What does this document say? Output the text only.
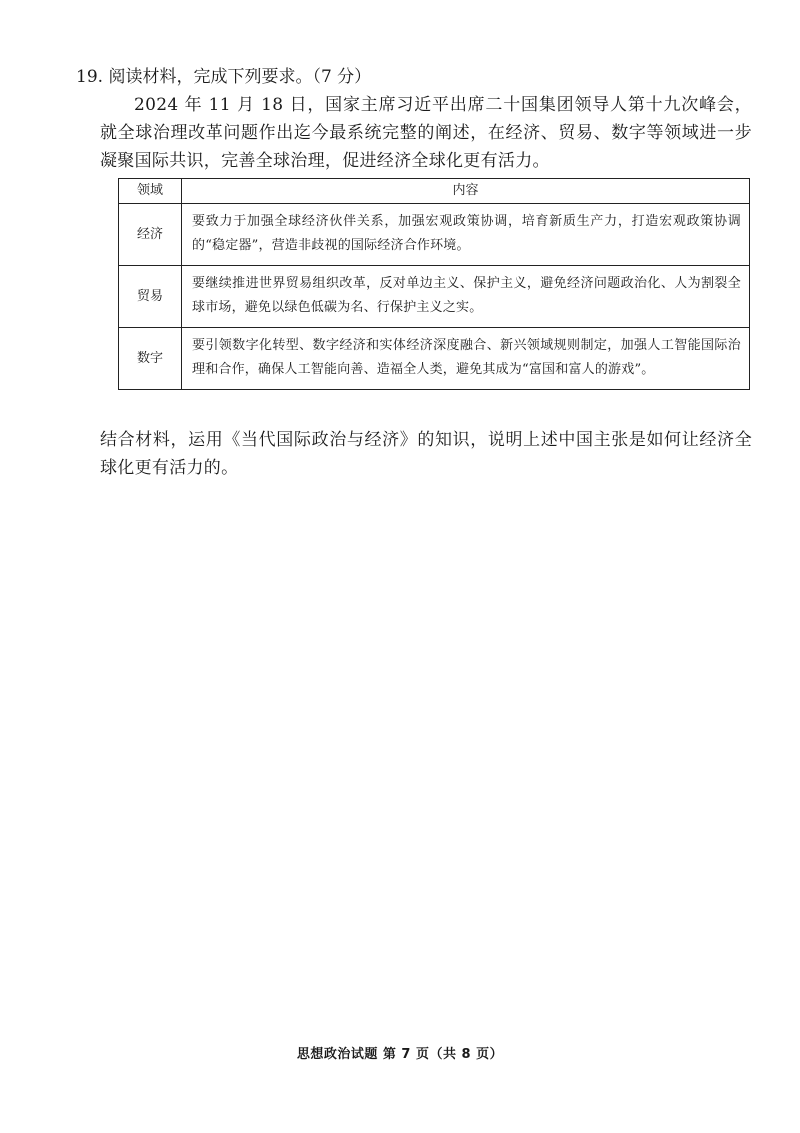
19. 阅读材料，完成下列要求。（7 分）
2024 年 11 月 18 日，国家主席习近平出席二十国集团领导人第十九次峰会，就全球治理改革问题作出迄今最系统完整的阐述，在经济、贸易、数字等领域进一步凝聚国际共识，完善全球治理，促进经济全球化更有活力。
领域	内容
经济	要致力于加强全球经济伙伴关系，加强宏观政策协调，培育新质生产力，打造宏观政策协调的“稳定器”，营造非歧视的国际经济合作环境。
贸易	要继续推进世界贸易组织改革，反对单边主义、保护主义，避免经济问题政治化、人为割裂全球市场，避免以绿色低碳为名、行保护主义之实。
数字	要引领数字化转型、数字经济和实体经济深度融合、新兴领域规则制定，加强人工智能国际治理和合作，确保人工智能向善、造福全人类，避免其成为“富国和富人的游戏”。
结合材料，运用《当代国际政治与经济》的知识，说明上述中国主张是如何让经济全球化更有活力的。
思想政治试题 第 7 页（共 8 页）
